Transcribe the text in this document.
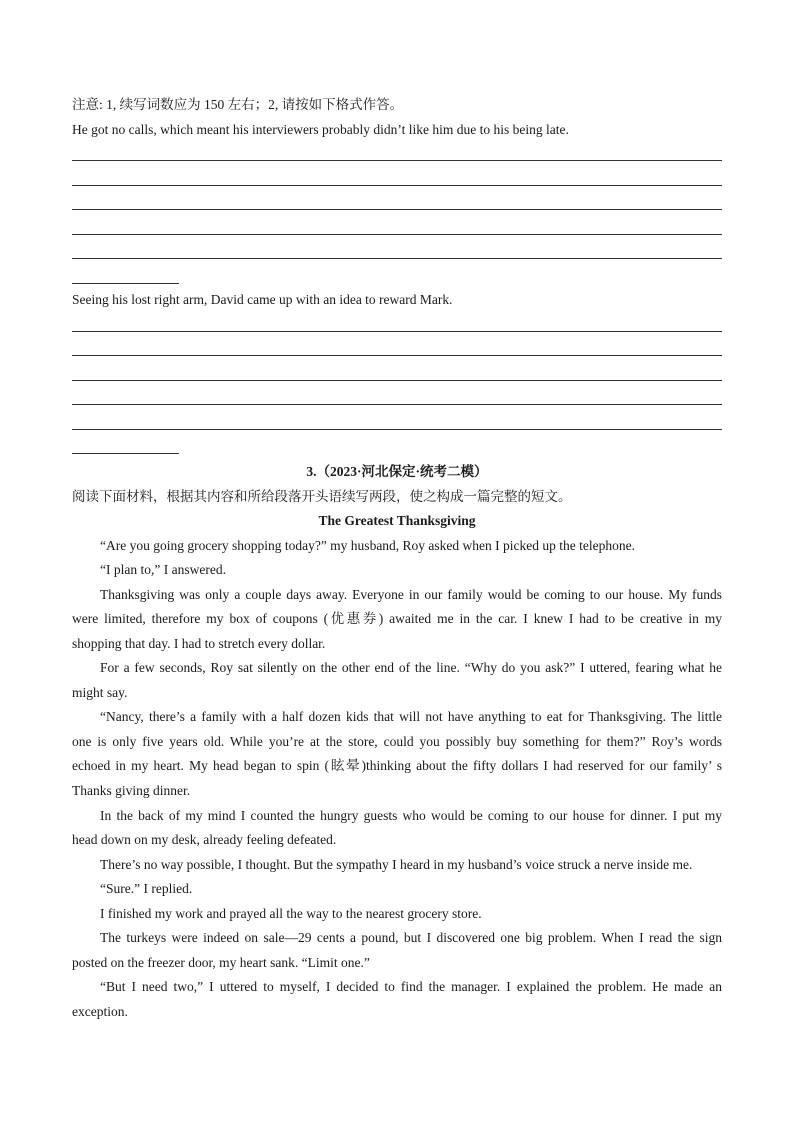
注意: 1, 续写词数应为 150 左右；2, 请按如下格式作答。
He got no calls, which meant his interviewers probably didn’t like him due to his being late.
Seeing his lost right arm, David came up with an idea to reward Mark.
3.（2023·河北保定·统考二模）
阅读下面材料，根据其内容和所给段落开头语续写两段，使之构成一篇完整的短文。
The Greatest Thanksgiving
“Are you going grocery shopping today?” my husband, Roy asked when I picked up the telephone.
“I plan to,” I answered.
Thanksgiving was only a couple days away. Everyone in our family would be coming to our house. My funds
were limited, therefore my box of coupons (优惠券) awaited me in the car. I knew I had to be creative in my
shopping that day. I had to stretch every dollar.
For a few seconds, Roy sat silently on the other end of the line. “Why do you ask?” I uttered, fearing what he
might say.
“Nancy, there’s a family with a half dozen kids that will not have anything to eat for Thanksgiving. The little
one is only five years old. While you’re at the store, could you possibly buy something for them?” Roy’s words
echoed in my heart. My head began to spin (眩晕)thinking about the fifty dollars I had reserved for our family’ s
Thanks giving dinner.
In the back of my mind I counted the hungry guests who would be coming to our house for dinner. I put my
head down on my desk, already feeling defeated.
There’s no way possible, I thought. But the sympathy I heard in my husband’s voice struck a nerve inside me.
“Sure.” I replied.
I finished my work and prayed all the way to the nearest grocery store.
The turkeys were indeed on sale—29 cents a pound, but I discovered one big problem. When I read the sign
posted on the freezer door, my heart sank. “Limit one.”
“But I need two,” I uttered to myself, I decided to find the manager. I explained the problem. He made an
exception.
